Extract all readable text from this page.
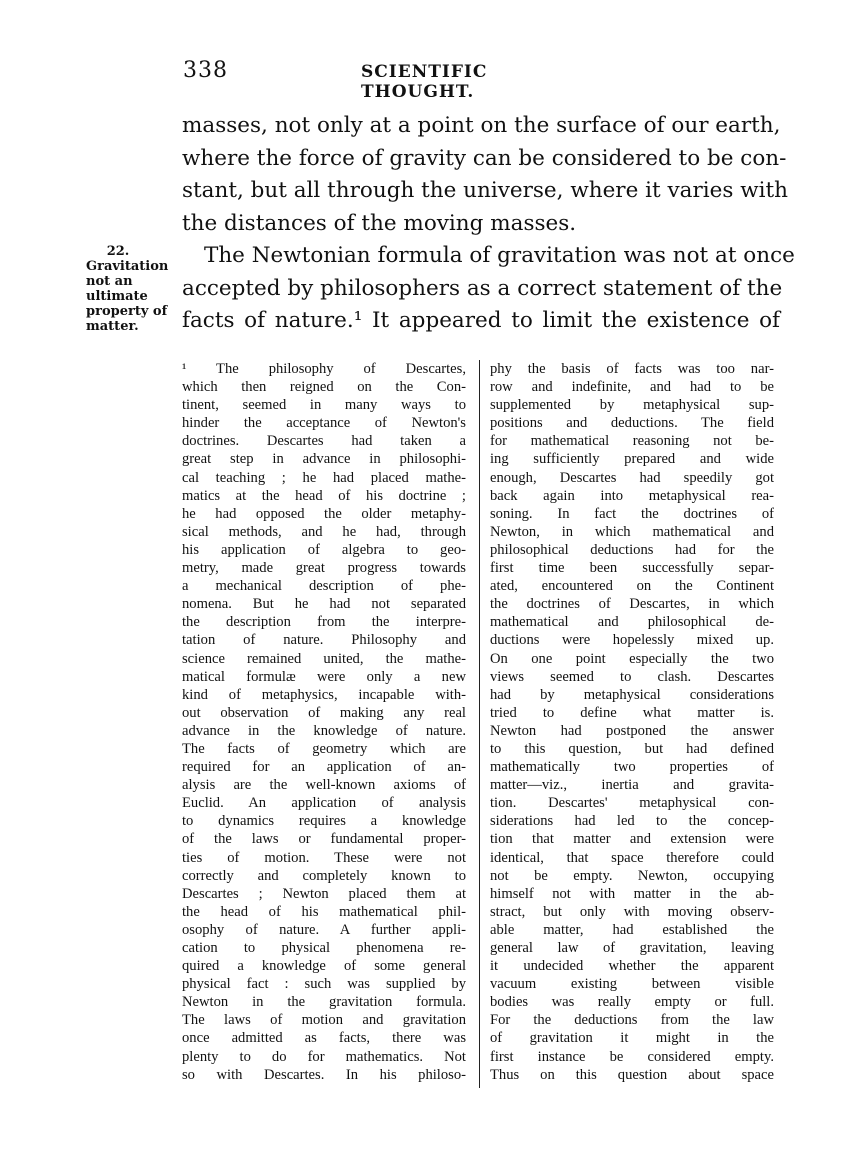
338	SCIENTIFIC THOUGHT.
masses, not only at a point on the surface of our earth,
where the force of gravity can be considered to be con-
stant, but all through the universe, where it varies with
the distances of the moving masses.
The Newtonian formula of gravitation was not at once
accepted by philosophers as a correct statement of the
facts of nature.¹ It appeared to limit the existence of
22.
Gravitation
not an
ultimate
property of
matter.
¹ The philosophy of Descartes,
which then reigned on the Con-
tinent, seemed in many ways to
hinder the acceptance of Newton's
doctrines. Descartes had taken a
great step in advance in philosophi-
cal teaching ; he had placed mathe-
matics at the head of his doctrine ;
he had opposed the older metaphy-
sical methods, and he had, through
his application of algebra to geo-
metry, made great progress towards
a mechanical description of phe-
nomena. But he had not separated
the description from the interpre-
tation of nature. Philosophy and
science remained united, the mathe-
matical formulæ were only a new
kind of metaphysics, incapable with-
out observation of making any real
advance in the knowledge of nature.
The facts of geometry which are
required for an application of an-
alysis are the well-known axioms of
Euclid. An application of analysis
to dynamics requires a knowledge
of the laws or fundamental proper-
ties of motion. These were not
correctly and completely known to
Descartes ; Newton placed them at
the head of his mathematical phil-
osophy of nature. A further appli-
cation to physical phenomena re-
quired a knowledge of some general
physical fact : such was supplied by
Newton in the gravitation formula.
The laws of motion and gravitation
once admitted as facts, there was
plenty to do for mathematics. Not
so with Descartes. In his philoso-
phy the basis of facts was too nar-
row and indefinite, and had to be
supplemented by metaphysical sup-
positions and deductions. The field
for mathematical reasoning not be-
ing sufficiently prepared and wide
enough, Descartes had speedily got
back again into metaphysical rea-
soning. In fact the doctrines of
Newton, in which mathematical and
philosophical deductions had for the
first time been successfully separ-
ated, encountered on the Continent
the doctrines of Descartes, in which
mathematical and philosophical de-
ductions were hopelessly mixed up.
On one point especially the two
views seemed to clash. Descartes
had by metaphysical considerations
tried to define what matter is.
Newton had postponed the answer
to this question, but had defined
mathematically two properties of
matter—viz., inertia and gravita-
tion. Descartes' metaphysical con-
siderations had led to the concep-
tion that matter and extension were
identical, that space therefore could
not be empty. Newton, occupying
himself not with matter in the ab-
stract, but only with moving observ-
able matter, had established the
general law of gravitation, leaving
it undecided whether the apparent
vacuum existing between visible
bodies was really empty or full.
For the deductions from the law
of gravitation it might in the
first instance be considered empty.
Thus on this question about space
